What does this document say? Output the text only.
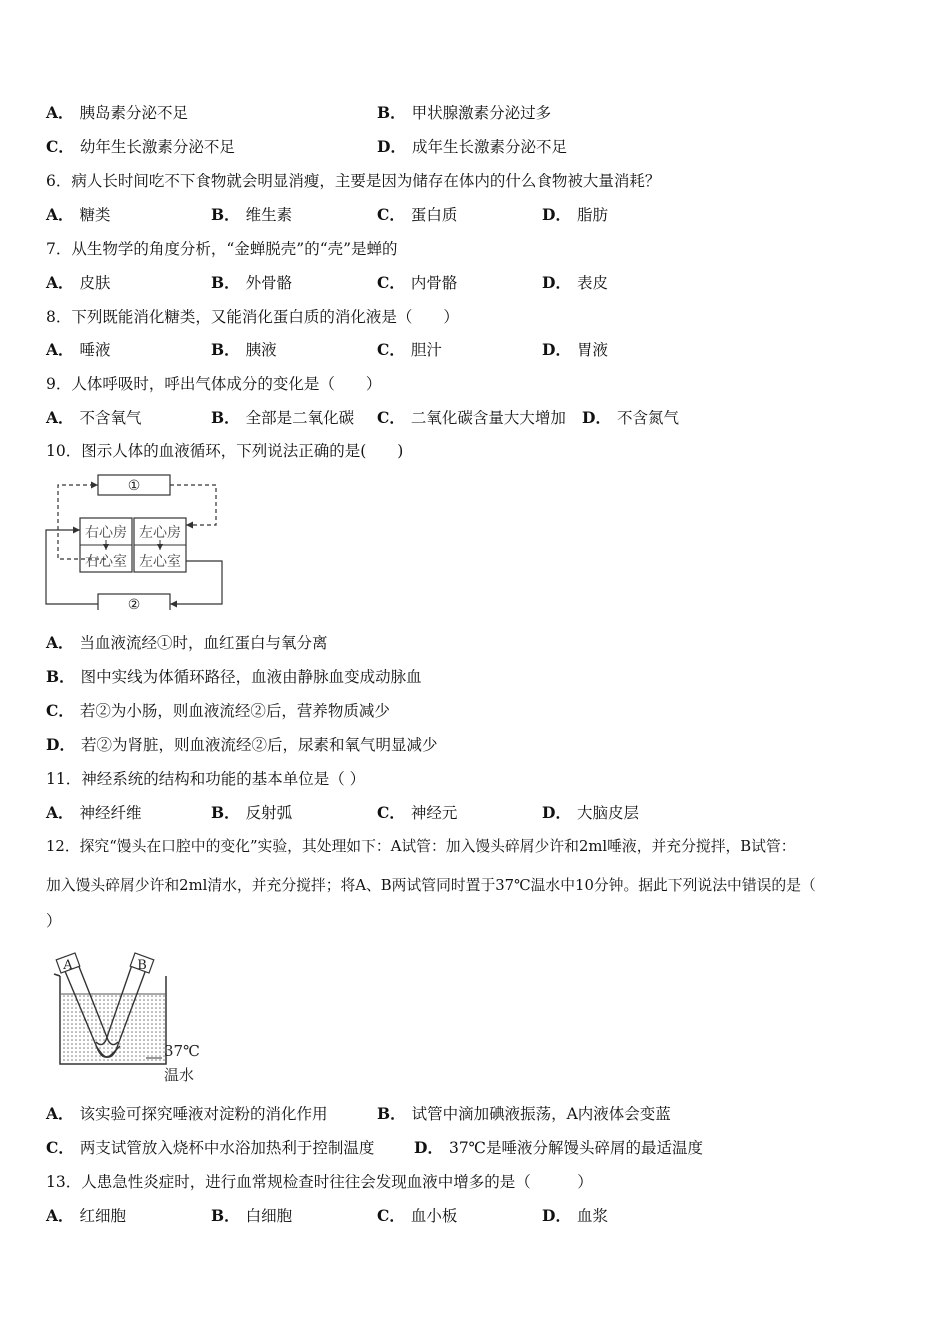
A． 胰岛素分泌不足	B． 甲状腺激素分泌过多
C． 幼年生长激素分泌不足	D． 成年生长激素分泌不足
6．病人长时间吃不下食物就会明显消瘦，主要是因为储存在体内的什么食物被大量消耗？
A． 糖类	B． 维生素	C． 蛋白质	D． 脂肪
7．从生物学的角度分析，“金蝉脱壳”的“壳”是蝉的
A． 皮肤	B． 外骨骼	C． 内骨骼	D． 表皮
8．下列既能消化糖类，又能消化蛋白质的消化液是（　　）
A． 唾液	B． 胰液	C． 胆汁	D． 胃液
9．人体呼吸时，呼出气体成分的变化是（　　）
A． 不含氧气	B． 全部是二氧化碳 C． 二氧化碳含量大大增加 D． 不含氮气
10．图示人体的血液循环，下列说法正确的是(　　)
①
②
右心房
右心室
左心房
左心室
A． 当血液流经①时，血红蛋白与氧分离
B． 图中实线为体循环路径，血液由静脉血变成动脉血
C． 若②为小肠，则血液流经②后，营养物质减少
D． 若②为肾脏，则血液流经②后，尿素和氧气明显减少
11．神经系统的结构和功能的基本单位是（ ）
A． 神经纤维	B． 反射弧	C． 神经元	D． 大脑皮层
12．探究“馒头在口腔中的变化”实验，其处理如下：A试管：加入馒头碎屑少许和2ml唾液，并充分搅拌，B试管：
加入馒头碎屑少许和2ml清水，并充分搅拌；将A、B两试管同时置于37℃温水中10分钟。据此下列说法中错误的是（
）
A	B
37℃
温水
A． 该实验可探究唾液对淀粉的消化作用	B． 试管中滴加碘液振荡，A内液体会变蓝
C． 两支试管放入烧杯中水浴加热利于控制温度	D． 37℃是唾液分解馒头碎屑的最适温度
13．人患急性炎症时，进行血常规检查时往往会发现血液中增多的是（　　　）
A． 红细胞	B． 白细胞	C． 血小板	D． 血浆
